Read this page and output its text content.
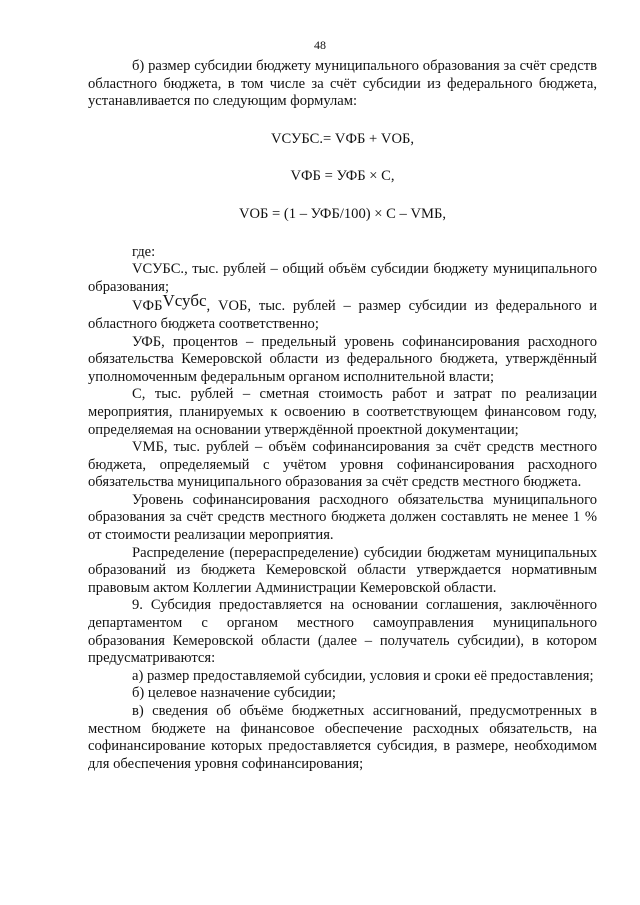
48

б) размер субсидии бюджету муниципального образования за счёт средств областного бюджета, в том числе за счёт субсидии из федерального бюджета, устанавливается по следующим формулам:

VСУБС.= VФБ + VОБ,

VФБ = УФБ × С,

VОБ = (1 – УФБ/100) × С – VМБ,

где:

VСУБС., тыс. рублей – общий объём субсидии бюджету муниципального образования;

VФБVсубс, VОБ, тыс. рублей – размер субсидии из федерального и областного бюджета соответственно;

УФБ, процентов – предельный уровень софинансирования расходного обязательства Кемеровской области из федерального бюджета, утверждённый уполномоченным федеральным органом исполнительной власти;

С, тыс. рублей – сметная стоимость работ и затрат по реализации мероприятия, планируемых к освоению в соответствующем финансовом году, определяемая на основании утверждённой проектной документации;

VМБ, тыс. рублей – объём софинансирования за счёт средств местного бюджета, определяемый с учётом уровня софинансирования расходного обязательства муниципального образования за счёт средств местного бюджета.

Уровень софинансирования расходного обязательства муниципального образования за счёт средств местного бюджета должен составлять не менее 1 % от стоимости реализации мероприятия.

Распределение (перераспределение) субсидии бюджетам муниципальных образований из бюджета Кемеровской области утверждается нормативным правовым актом Коллегии Администрации Кемеровской области.

9. Субсидия предоставляется на основании соглашения, заключённого департаментом с органом местного самоуправления муниципального образования Кемеровской области (далее – получатель субсидии), в котором предусматриваются:

а) размер предоставляемой субсидии, условия и сроки её предоставления;

б) целевое назначение субсидии;

в) сведения об объёме бюджетных ассигнований, предусмотренных в местном бюджете на финансовое обеспечение расходных обязательств, на софинансирование которых предоставляется субсидия, в размере, необходимом для обеспечения уровня софинансирования;
